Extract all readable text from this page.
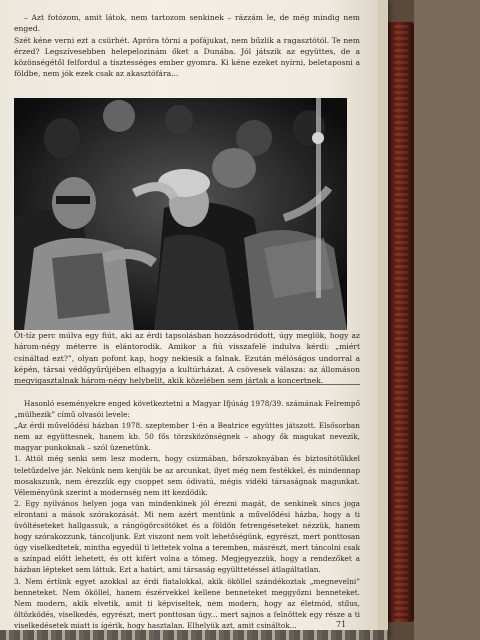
– Azt fotózom, amit látok, nem tartozom senkinek – rázzám le, de még mindig nem enged.
Szét kéne verni ezt a csürhét. Apróra törni a pofájukat, nem bűzlik a ragasztótól. Te nem érzed? Legszívesebben helepelozinám őket a Dunába. Jól játszik az együttes, de a közönségétől felfordul a tisztességes ember gyomra. Ki kéne ezeket nyírni, beletaposni a földbe, nem jók ezek csak az akasztófára...

Öt-tíz perc múlva egy fiút, aki az érdi tapsolásban hozzásodródott, úgy meglök, hogy az három-négy méterre is elántorodik. Amikor a fiú visszafelé indulva kérdi: „miért csináltad ezt?”, olyan pofont kap, hogy nekiesik a falnak. Ezután mélóságos undorral a képén, társai védőgyűrűjében elhagyja a kultúrházat. A csövesek válasza: az állomáson megvigasztalnak három-négy helybelit, akik közelében sem jártak a koncertnek.

Hasonló eseményekre enged következtetni a Magyar Ifjúság 1978/39. számának Felrempő „mülhezik” című olvasói levele:
„Az érdi művelődési házban 1978. szeptember 1-én a Beatrice együttes játszott. Elsősorban nem az együttesnek, hanem kb. 50 fős törzsközönségnek – ahogy ők magukat nevezik, magyar punkoknak – szól üzenetünk.
1. Attól még senki sem lesz modern, hogy csizmában, bőrszoknyában és biztosítótűkkel teletűzdelve jár. Nekünk nem kenjük be az arcunkat, ilyet még nem festékkel, és mindennap mosakszunk, nem érezzük egy csoppet sem ódivatú, mégis vidéki társaságnak magunkat. Véleményünk szerint a modernség nem itt kezdődik.
2. Egy nyilvános helyen joga van mindenkinek jól érezni magát, de senkinek sincs joga elrontani a mások szórakozását. Mi nem azért mentünk a művelődési házba, hogy a ti üvöltéseteket hallgassuk, a rángógörcsötöket és a földön fetrengéseteket nézzük, hanem hogy szórakozzunk, táncoljunk. Ezt viszont nem volt lehetőségünk, egyrészt, mert ponttosan úgy viselkedtetek, mintha egyedül ti lettetek volna a teremben, másrészt, mert táncolni csak a színpad előtt lehetett, és ott kifért volna a tömeg. Megjegyezzük, hogy a rendezőket a házban lépteket sem láttuk. Ezt a határt, ami társaság együlttetéssel átlagáltatlan.
3. Nem értünk egyet azokkal az érdi fiatalokkal, akik ököllel szándékoztak „megnevelni” benneteket. Nem ököllel, hanem észérvekkel kellene benneteket meggyőzni benneteket. Nem modern, akik elvetik, amit ti képviseltek, nem modern, hogy az életmód, stílus, öltözködés, viselkedés, egyrészt, mert ponttosan úgy... mert sajnos a felnőttek egy része a ti viselkedésetek miatt is ígérik, hogy hasztalan. Elhelyük azt, amit csináltok...	71
